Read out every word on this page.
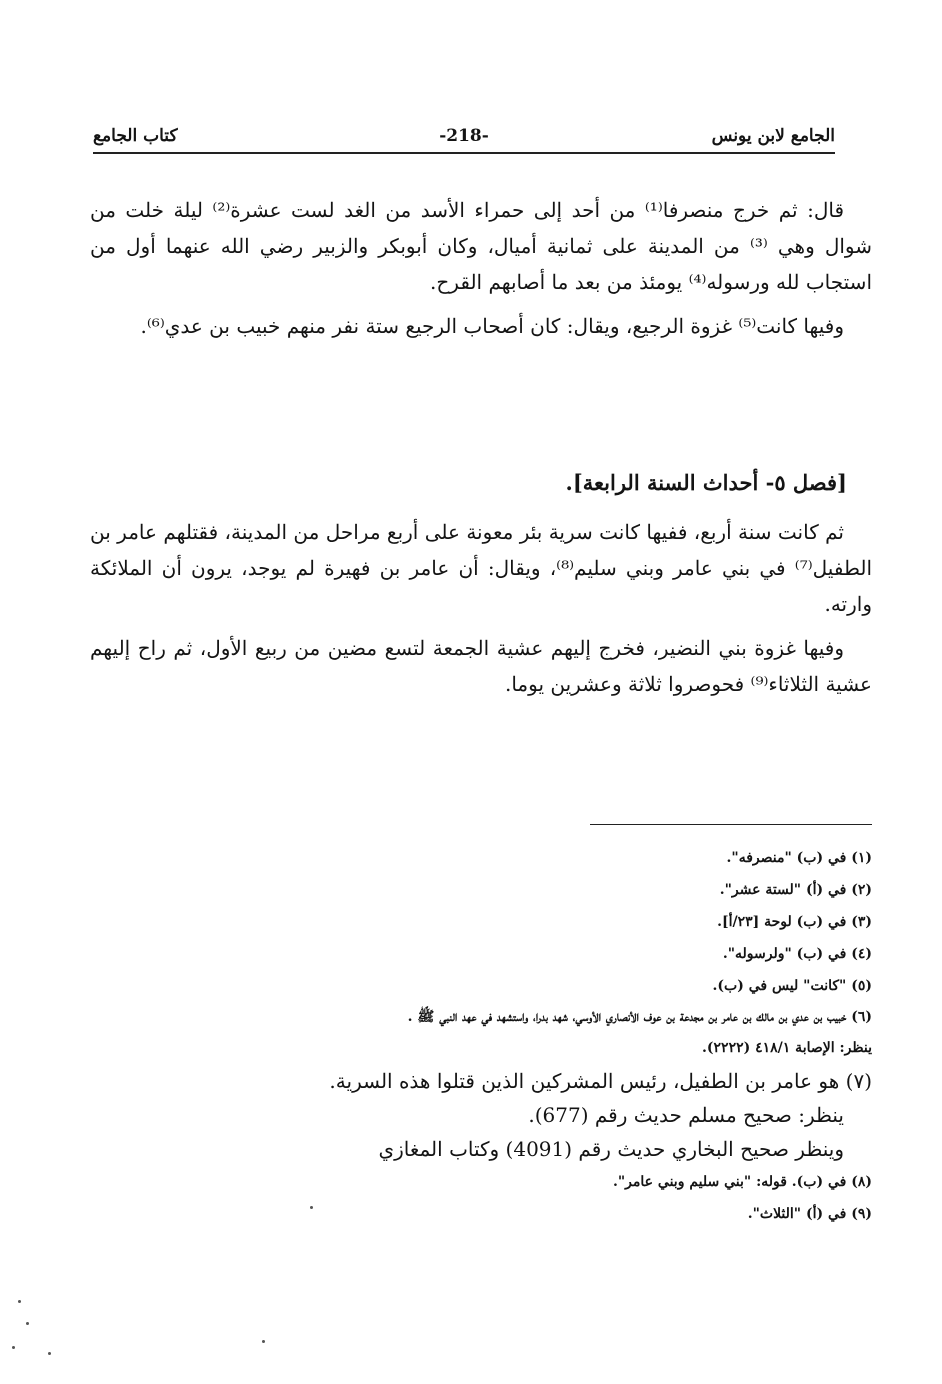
الجامع لابن يونس
-218-
كتاب الجامع

قال: ثم خرج منصرفا⁽¹⁾ من أحد إلى حمراء الأسد من الغد لست عشرة⁽²⁾ ليلة خلت من شوال وهي ⁽³⁾ من المدينة على ثمانية أميال، وكان أبوبكر والزبير رضي الله عنهما أول من استجاب لله ورسوله⁽⁴⁾ يومئذ من بعد ما أصابهم القرح.

وفيها كانت⁽⁵⁾ غزوة الرجيع، ويقال: كان أصحاب الرجيع ستة نفر منهم خبيب بن عدي⁽⁶⁾.

[فصل ٥- أحداث السنة الرابعة].

ثم كانت سنة أربع، ففيها كانت سرية بئر معونة على أربع مراحل من المدينة، فقتلهم عامر بن الطفيل⁽⁷⁾ في بني عامر وبني سليم⁽⁸⁾، ويقال: أن عامر بن فهيرة لم يوجد، يرون أن الملائكة وارته.

وفيها غزوة بني النضير، فخرج إليهم عشية الجمعة لتسع مضين من ربيع الأول، ثم راح إليهم عشية الثلاثاء⁽⁹⁾ فحوصروا ثلاثة وعشرين يوما.

(١) في (ب) "منصرفه".

(٢) في (أ) "لستة عشر".

(٣) في (ب) لوحة [٢٣/أ].

(٤) في (ب) "ولرسوله".

(٥) "كانت" ليس في (ب).

(٦) خبيب بن عدي بن مالك بن عامر بن مجدعة بن عوف الأنصاري الأوسي، شهد بدرا، واستشهد في عهد النبي ﷺ .

ينظر: الإصابة ٤١٨/١ (٢٢٢٢).

(٧) هو عامر بن الطفيل، رئيس المشركين الذين قتلوا هذه السرية.

ينظر: صحيح مسلم حديث رقم (677).

وينظر صحيح البخاري حديث رقم (4091) وكتاب المغازي

(٨) في (ب). قوله: "بني سليم وبني عامر".

(٩) في (أ) "الثلاث".
